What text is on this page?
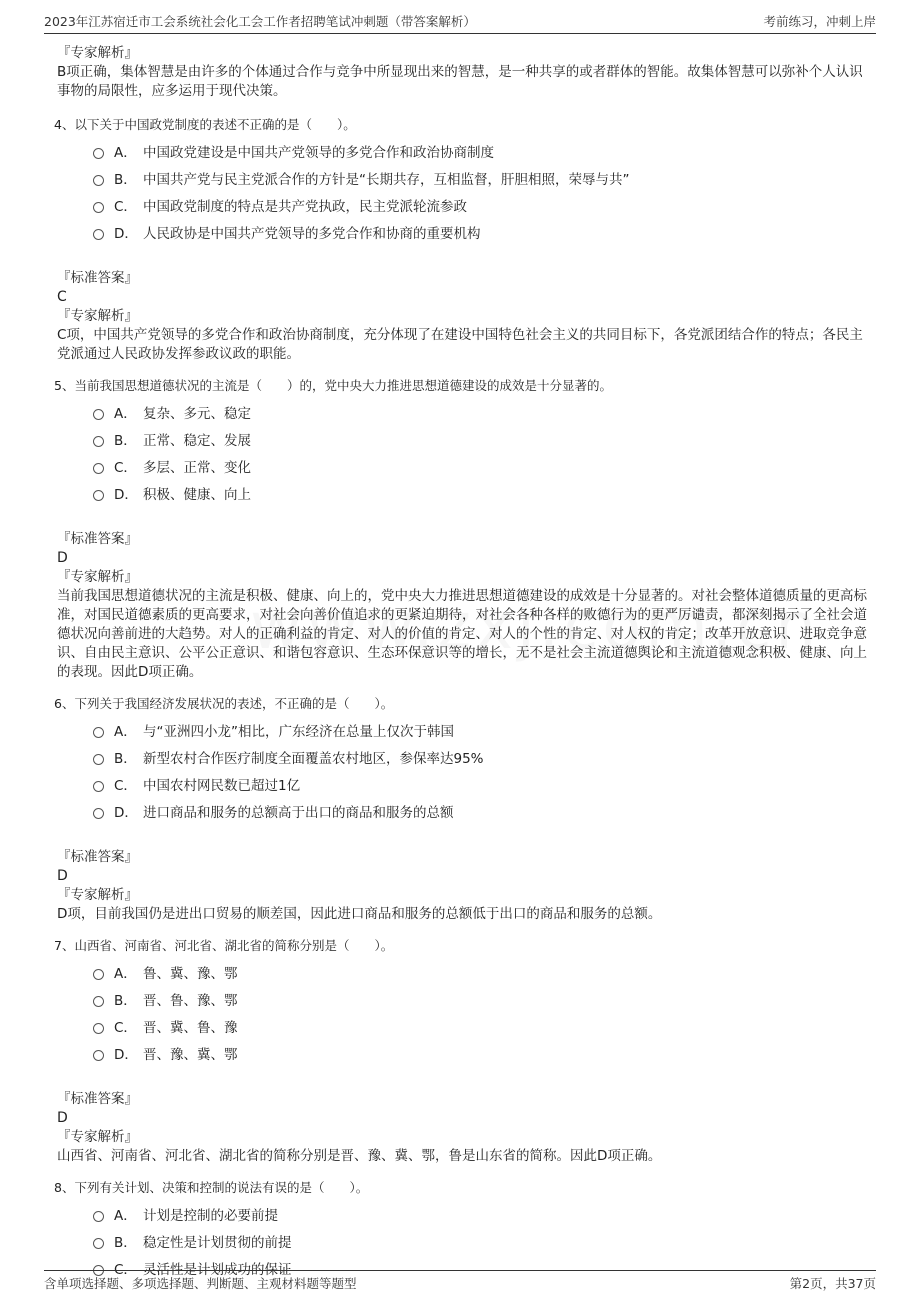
2023年江苏宿迁市工会系统社会化工会工作者招聘笔试冲刺题（带答案解析）	考前练习，冲刺上岸
『专家解析』
B项正确，集体智慧是由许多的个体通过合作与竞争中所显现出来的智慧，是一种共享的或者群体的智能。故集体智慧可以弥补个人认识事物的局限性，应多运用于现代决策。
4、以下关于中国政党制度的表述不正确的是（　　）。
A． 中国政党建设是中国共产党领导的多党合作和政治协商制度
B． 中国共产党与民主党派合作的方针是“长期共存，互相监督，肝胆相照，荣辱与共”
C． 中国政党制度的特点是共产党执政，民主党派轮流参政
D． 人民政协是中国共产党领导的多党合作和协商的重要机构
『标准答案』
C
『专家解析』
C项，中国共产党领导的多党合作和政治协商制度，充分体现了在建设中国特色社会主义的共同目标下，各党派团结合作的特点；各民主党派通过人民政协发挥参政议政的职能。
5、当前我国思想道德状况的主流是（　　）的，党中央大力推进思想道德建设的成效是十分显著的。
A． 复杂、多元、稳定
B． 正常、稳定、发展
C． 多层、正常、变化
D． 积极、健康、向上
『标准答案』
D
『专家解析』
当前我国思想道德状况的主流是积极、健康、向上的，党中央大力推进思想道德建设的成效是十分显著的。对社会整体道德质量的更高标准，对国民道德素质的更高要求，对社会向善价值追求的更紧迫期待，对社会各种各样的败德行为的更严厉谴责，都深刻揭示了全社会道德状况向善前进的大趋势。对人的正确利益的肯定、对人的价值的肯定、对人的个性的肯定、对人权的肯定；改革开放意识、进取竞争意识、自由民主意识、公平公正意识、和谐包容意识、生态环保意识等的增长，无不是社会主流道德舆论和主流道德观念积极、健康、向上的表现。因此D项正确。
6、下列关于我国经济发展状况的表述，不正确的是（　　）。
A． 与“亚洲四小龙”相比，广东经济在总量上仅次于韩国
B． 新型农村合作医疗制度全面覆盖农村地区，参保率达95%
C． 中国农村网民数已超过1亿
D． 进口商品和服务的总额高于出口的商品和服务的总额
『标准答案』
D
『专家解析』
D项，目前我国仍是进出口贸易的顺差国，因此进口商品和服务的总额低于出口的商品和服务的总额。
7、山西省、河南省、河北省、湖北省的简称分别是（　　）。
A． 鲁、冀、豫、鄂
B． 晋、鲁、豫、鄂
C． 晋、冀、鲁、豫
D． 晋、豫、冀、鄂
『标准答案』
D
『专家解析』
山西省、河南省、河北省、湖北省的简称分别是晋、豫、冀、鄂，鲁是山东省的简称。因此D项正确。
8、下列有关计划、决策和控制的说法有误的是（　　）。
A． 计划是控制的必要前提
B． 稳定性是计划贯彻的前提
C． 灵活性是计划成功的保证
含单项选择题、多项选择题、判断题、主观材料题等题型	第2页，共37页
